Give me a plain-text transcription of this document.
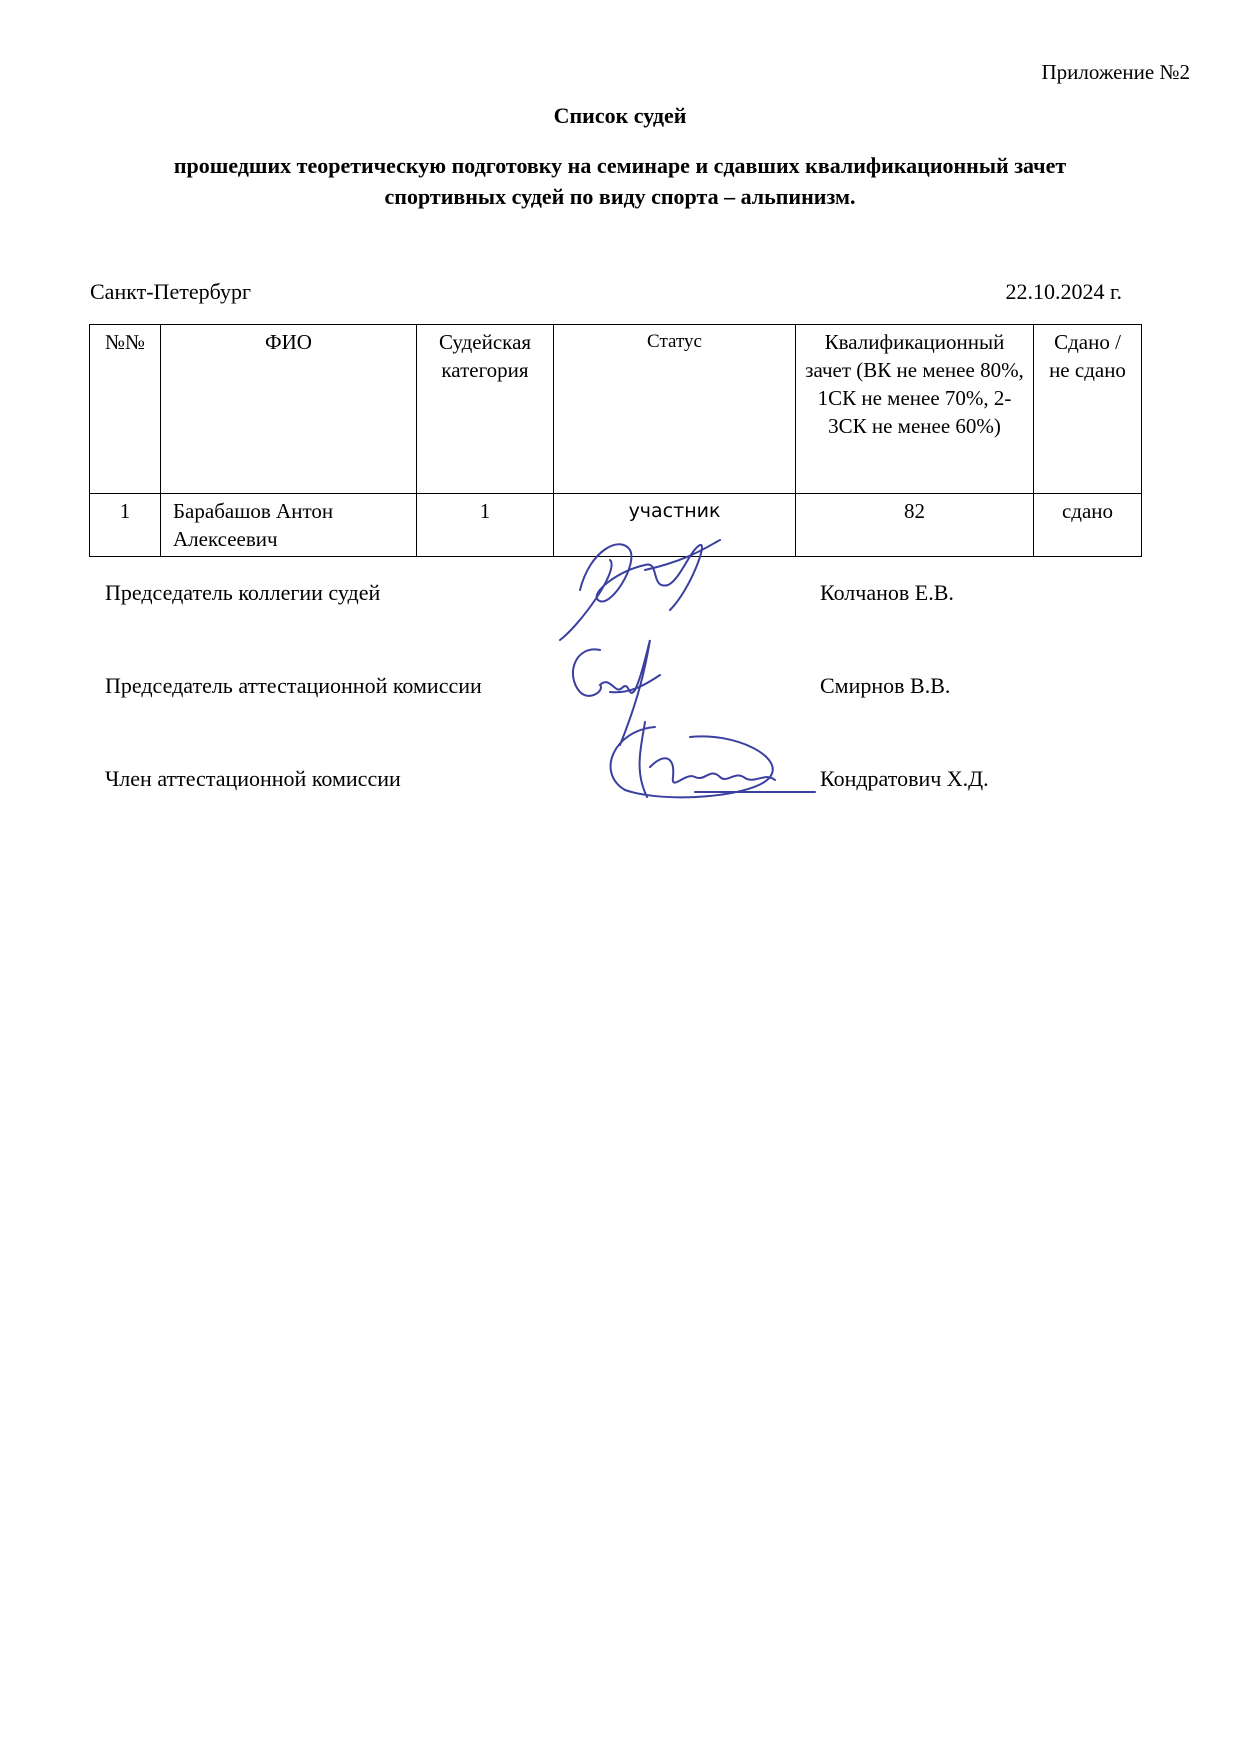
Приложение №2
Список судей
прошедших теоретическую подготовку на семинаре и сдавших квалификационный зачет
спортивных судей по виду спорта – альпинизм.
Санкт-Петербург	22.10.2024 г.
№№	ФИО	Судейская категория	Статус	Квалификационный зачет (ВК не менее 80%, 1СК не менее 70%, 2-3СК не менее 60%)	Сдано / не сдано
1	Барабашов Антон Алексеевич	1	участник	82	сдано
Председатель коллегии судей	Колчанов Е.В.
Председатель аттестационной комиссии	Смирнов В.В.
Член аттестационной комиссии	Кондратович Х.Д.
